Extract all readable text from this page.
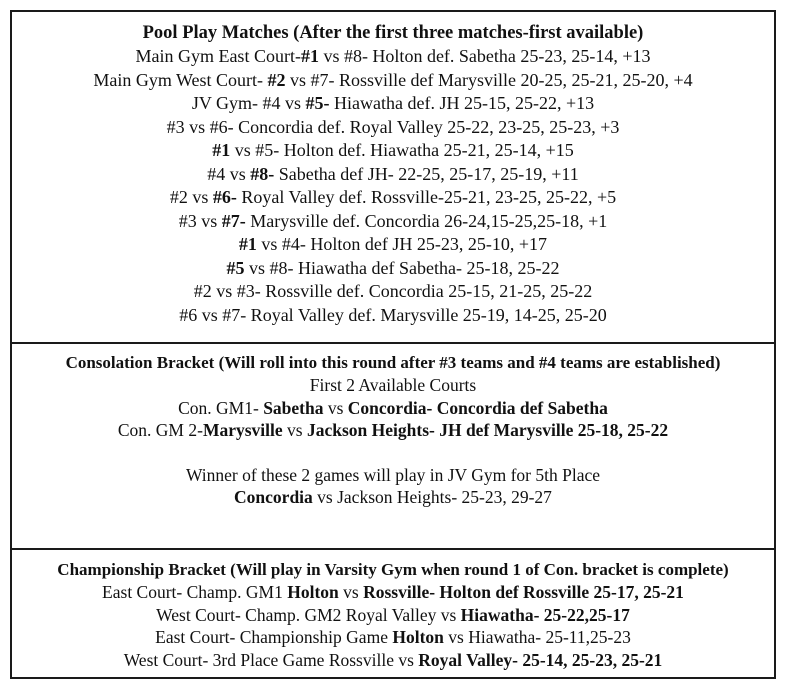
Pool Play Matches (After the first three matches-first available)
Main Gym East Court-#1 vs #8- Holton def. Sabetha 25-23, 25-14, +13
Main Gym West Court- #2 vs #7- Rossville def Marysville 20-25, 25-21, 25-20, +4
JV Gym- #4 vs #5- Hiawatha def. JH 25-15, 25-22, +13
#3 vs #6- Concordia def. Royal Valley 25-22, 23-25, 25-23, +3
#1 vs #5- Holton def. Hiawatha 25-21, 25-14, +15
#4 vs #8- Sabetha def JH- 22-25, 25-17, 25-19, +11
#2 vs #6- Royal Valley def. Rossville-25-21, 23-25, 25-22, +5
#3 vs #7- Marysville def. Concordia 26-24,15-25,25-18, +1
#1 vs #4- Holton def JH 25-23, 25-10, +17
#5 vs #8- Hiawatha def Sabetha- 25-18, 25-22
#2 vs #3- Rossville def. Concordia 25-15, 21-25, 25-22
#6 vs #7- Royal Valley def. Marysville 25-19, 14-25, 25-20
Consolation Bracket (Will roll into this round after #3 teams and #4 teams are established)
First 2 Available Courts
Con. GM1- Sabetha vs Concordia- Concordia def Sabetha
Con. GM 2-Marysville vs Jackson Heights- JH def Marysville 25-18, 25-22
Winner of these 2 games will play in JV Gym for 5th Place
Concordia vs Jackson Heights- 25-23, 29-27
Championship Bracket (Will play in Varsity Gym when round 1 of Con. bracket is complete)
East Court- Champ. GM1 Holton vs Rossville- Holton def Rossville 25-17, 25-21
West Court- Champ. GM2 Royal Valley vs Hiawatha- 25-22,25-17
East Court- Championship Game Holton vs Hiawatha- 25-11,25-23
West Court- 3rd Place Game Rossville vs Royal Valley- 25-14, 25-23, 25-21
